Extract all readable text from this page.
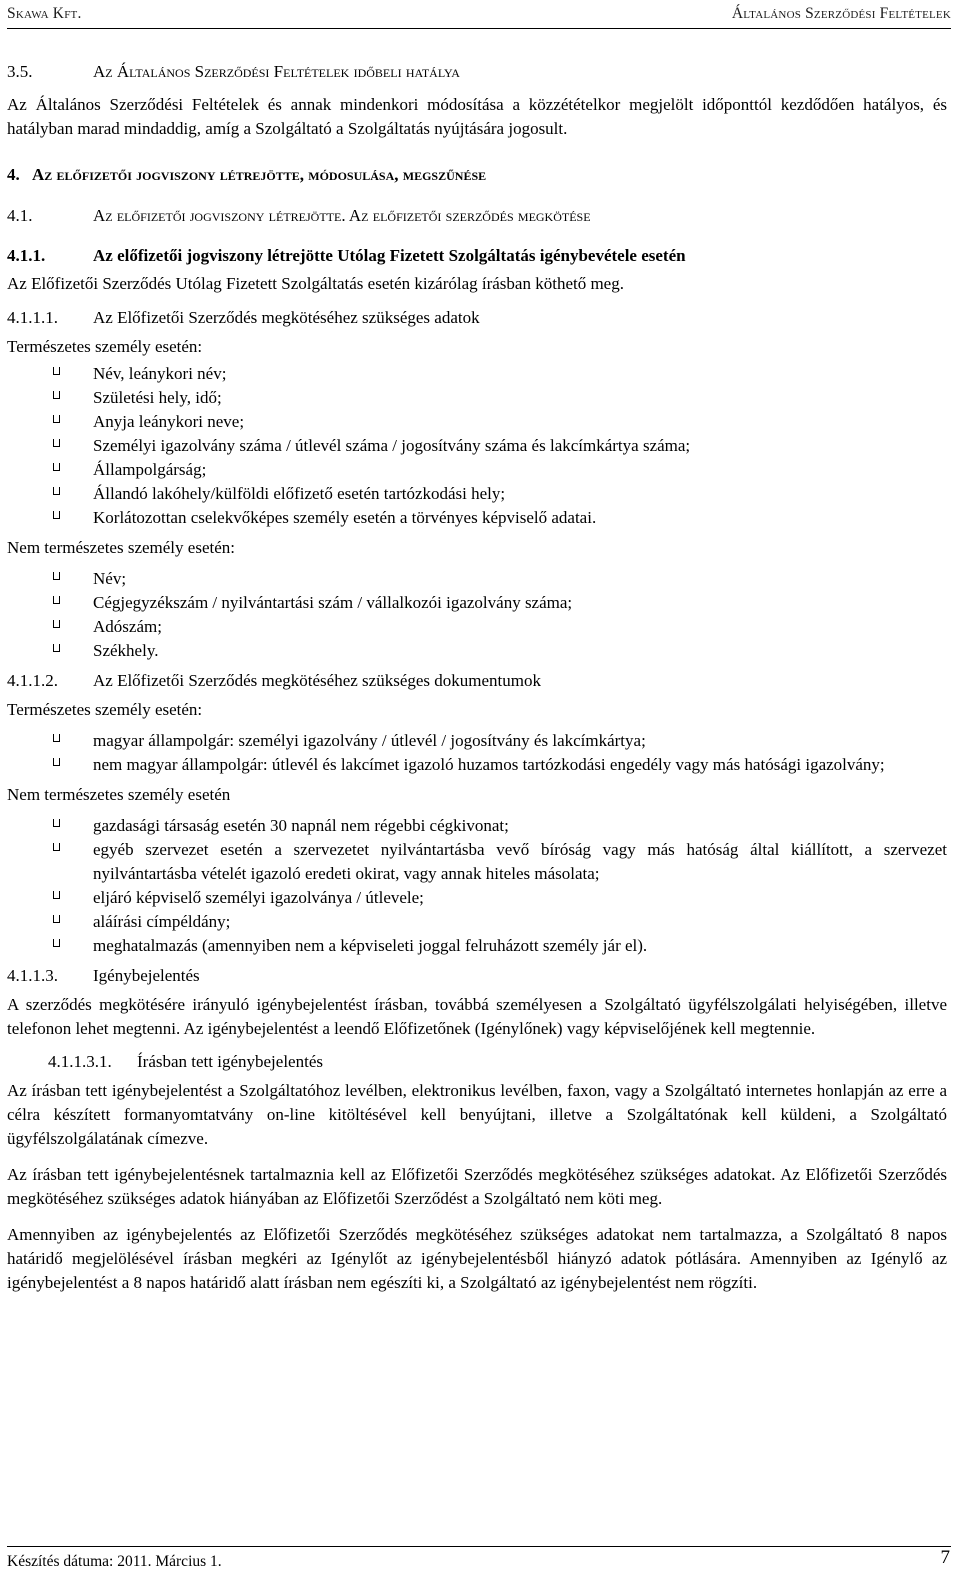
Skawa Kft.	Általános Szerződési Feltételek
3.5.	Az Általános Szerződési Feltételek időbeli hatálya

Az Általános Szerződési Feltételek és annak mindenkori módosítása a közzétételkor megjelölt időponttól kezdődően hatályos, és hatályban marad mindaddig, amíg a Szolgáltató a Szolgáltatás nyújtására jogosult.

4. Az előfizetői jogviszony létrejötte, módosulása, megszűnése
4.1.	Az előfizetői jogviszony létrejötte. Az előfizetői szerződés megkötése
4.1.1.	Az előfizetői jogviszony létrejötte Utólag Fizetett Szolgáltatás igénybevétele esetén

Az Előfizetői Szerződés Utólag Fizetett Szolgáltatás esetén kizárólag írásban köthető meg.

4.1.1.1. Az Előfizetői Szerződés megkötéséhez szükséges adatok

Természetes személy esetén:

Név, leánykori név;
Születési hely, idő;
Anyja leánykori neve;
Személyi igazolvány száma / útlevél száma / jogosítvány száma és lakcímkártya száma;
Állampolgárság;
Állandó lakóhely/külföldi előfizető esetén tartózkodási hely;
Korlátozottan cselekvőképes személy esetén a törvényes képviselő adatai.

Nem természetes személy esetén:

Név;
Cégjegyzékszám / nyilvántartási szám / vállalkozói igazolvány száma;
Adószám;
Székhely.
4.1.1.2. Az Előfizetői Szerződés megkötéséhez szükséges dokumentumok

Természetes személy esetén:

magyar állampolgár: személyi igazolvány / útlevél / jogosítvány és lakcímkártya;
nem magyar állampolgár: útlevél és lakcímet igazoló huzamos tartózkodási engedély vagy más hatósági igazolvány;

Nem természetes személy esetén

gazdasági társaság esetén 30 napnál nem régebbi cégkivonat;
egyéb szervezet esetén a szervezetet nyilvántartásba vevő bíróság vagy más hatóság által kiállított, a szervezet nyilvántartásba vételét igazoló eredeti okirat, vagy annak hiteles másolata;
eljáró képviselő személyi igazolványa / útlevele;
aláírási címpéldány;
meghatalmazás (amennyiben nem a képviseleti joggal felruházott személy jár el).
4.1.1.3. Igénybejelentés

A szerződés megkötésére irányuló igénybejelentést írásban, továbbá személyesen a Szolgáltató ügyfélszolgálati helyiségében, illetve telefonon lehet megtenni. Az igénybejelentést a leendő Előfizetőnek (Igénylőnek) vagy képviselőjének kell megtennie.

4.1.1.3.1. Írásban tett igénybejelentés

Az írásban tett igénybejelentést a Szolgáltatóhoz levélben, elektronikus levélben, faxon, vagy a Szolgáltató internetes honlapján az erre a célra készített formanyomtatvány on-line kitöltésével kell benyújtani, illetve a Szolgáltatónak kell küldeni, a Szolgáltató ügyfélszolgálatának címezve.

Az írásban tett igénybejelentésnek tartalmaznia kell az Előfizetői Szerződés megkötéséhez szükséges adatokat. Az Előfizetői Szerződés megkötéséhez szükséges adatok hiányában az Előfizetői Szerződést a Szolgáltató nem köti meg.

Amennyiben az igénybejelentés az Előfizetői Szerződés megkötéséhez szükséges adatokat nem tartalmazza, a Szolgáltató 8 napos határidő megjelölésével írásban megkéri az Igénylőt az igénybejelentésből hiányzó adatok pótlására. Amennyiben az Igénylő az igénybejelentést a 8 napos határidő alatt írásban nem egészíti ki, a Szolgáltató az igénybejelentést nem rögzíti.

Készítés dátuma: 2011. Március 1.	7
